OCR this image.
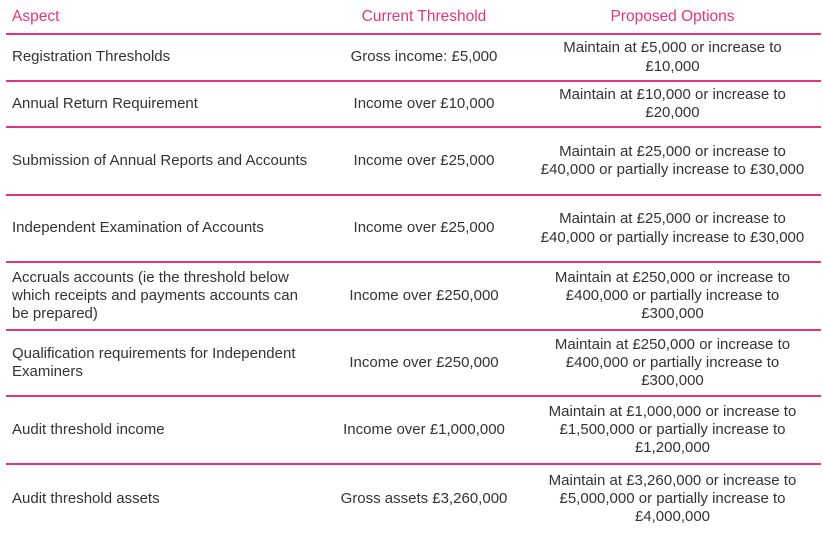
Aspect	Current Threshold	Proposed Options
Registration Thresholds	Gross income: £5,000	Maintain at £5,000 or increase to £10,000
Annual Return Requirement	Income over £10,000	Maintain at £10,000 or increase to £20,000
Submission of Annual Reports and Accounts	Income over £25,000	Maintain at £25,000 or increase to £40,000 or partially increase to £30,000
Independent Examination of Accounts	Income over £25,000	Maintain at £25,000 or increase to £40,000 or partially increase to £30,000
Accruals accounts (ie the threshold below which receipts and payments accounts can be prepared)	Income over £250,000	Maintain at £250,000 or increase to £400,000 or partially increase to £300,000
Qualification requirements for Independent Examiners	Income over £250,000	Maintain at £250,000 or increase to £400,000 or partially increase to £300,000
Audit threshold income	Income over £1,000,000	Maintain at £1,000,000 or increase to £1,500,000 or partially increase to £1,200,000
Audit threshold assets	Gross assets £3,260,000	Maintain at £3,260,000 or increase to £5,000,000 or partially increase to £4,000,000
